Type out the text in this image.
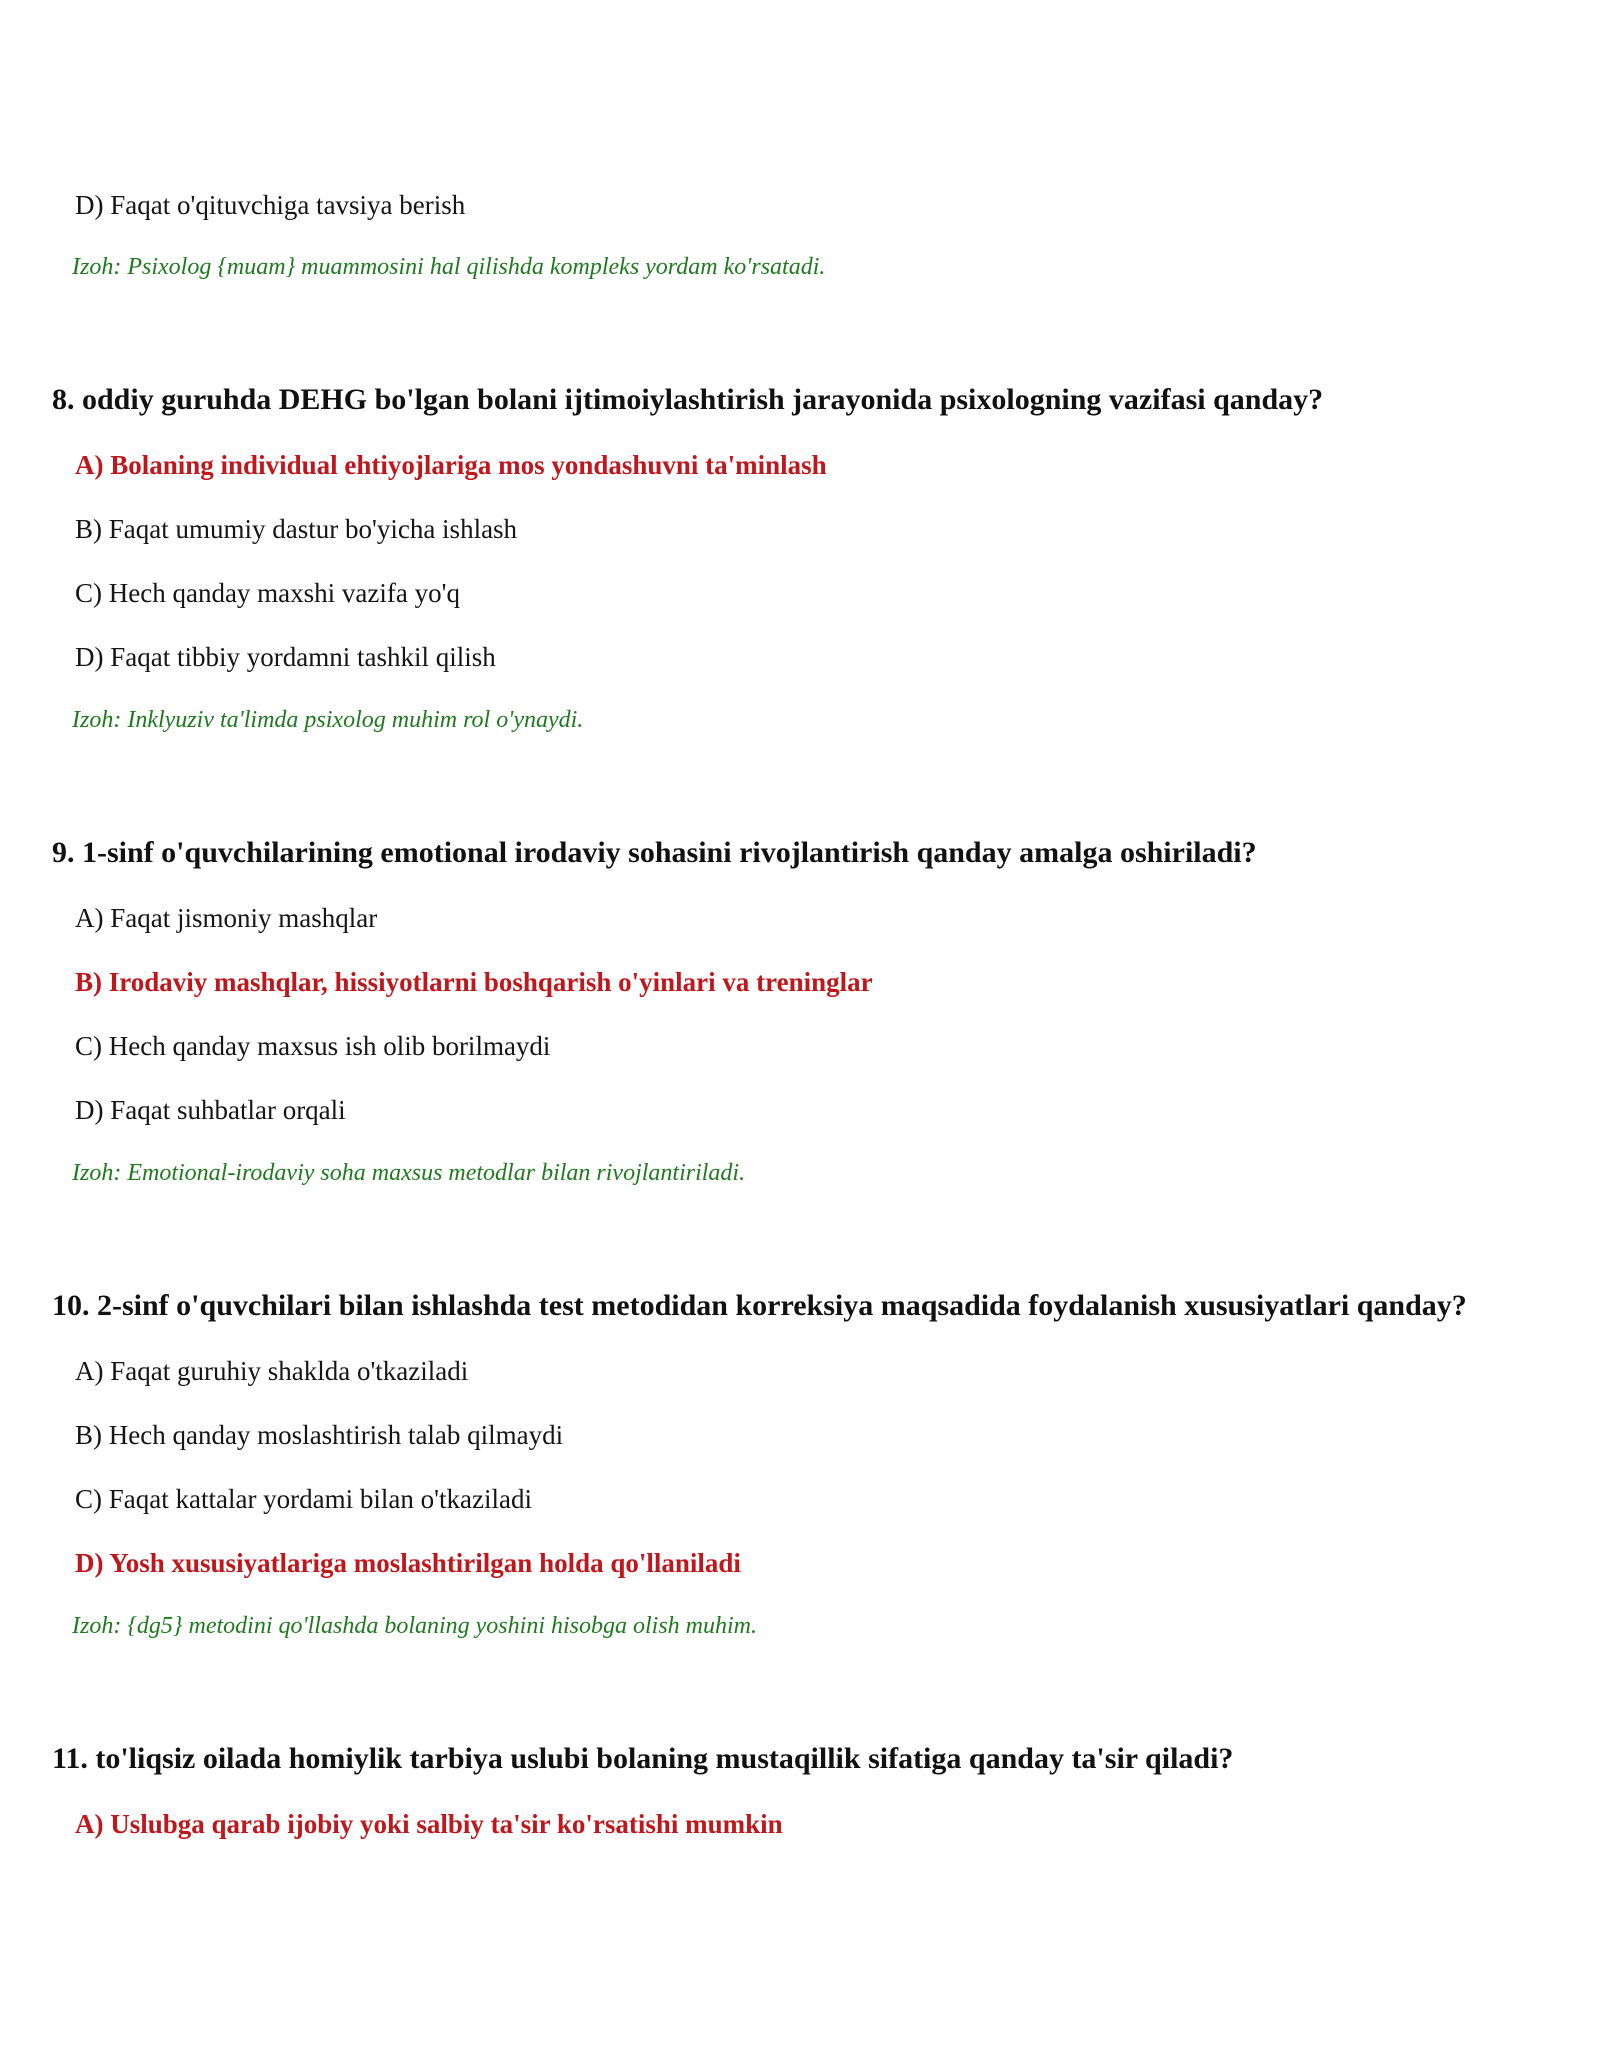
D) Faqat o'qituvchiga tavsiya berish
Izoh: Psixolog {muam} muammosini hal qilishda kompleks yordam ko'rsatadi.
8. oddiy guruhda DEHG bo'lgan bolani ijtimoiylashtirish jarayonida psixologning vazifasi qanday?
A) Bolaning individual ehtiyojlariga mos yondashuvni ta'minlash
B) Faqat umumiy dastur bo'yicha ishlash
C) Hech qanday maxshi vazifa yo'q
D) Faqat tibbiy yordamni tashkil qilish
Izoh: Inklyuziv ta'limda psixolog muhim rol o'ynaydi.
9. 1-sinf o'quvchilarining emotional irodaviy sohasini rivojlantirish qanday amalga oshiriladi?
A) Faqat jismoniy mashqlar
B) Irodaviy mashqlar, hissiyotlarni boshqarish o'yinlari va treninglar
C) Hech qanday maxsus ish olib borilmaydi
D) Faqat suhbatlar orqali
Izoh: Emotional-irodaviy soha maxsus metodlar bilan rivojlantiriladi.
10. 2-sinf o'quvchilari bilan ishlashda test metodidan korreksiya maqsadida foydalanish xususiyatlari qanday?
A) Faqat guruhiy shaklda o'tkaziladi
B) Hech qanday moslashtirish talab qilmaydi
C) Faqat kattalar yordami bilan o'tkaziladi
D) Yosh xususiyatlariga moslashtirilgan holda qo'llaniladi
Izoh: {dg5} metodini qo'llashda bolaning yoshini hisobga olish muhim.
11. to'liqsiz oilada homiylik tarbiya uslubi bolaning mustaqillik sifatiga qanday ta'sir qiladi?
A) Uslubga qarab ijobiy yoki salbiy ta'sir ko'rsatishi mumkin
